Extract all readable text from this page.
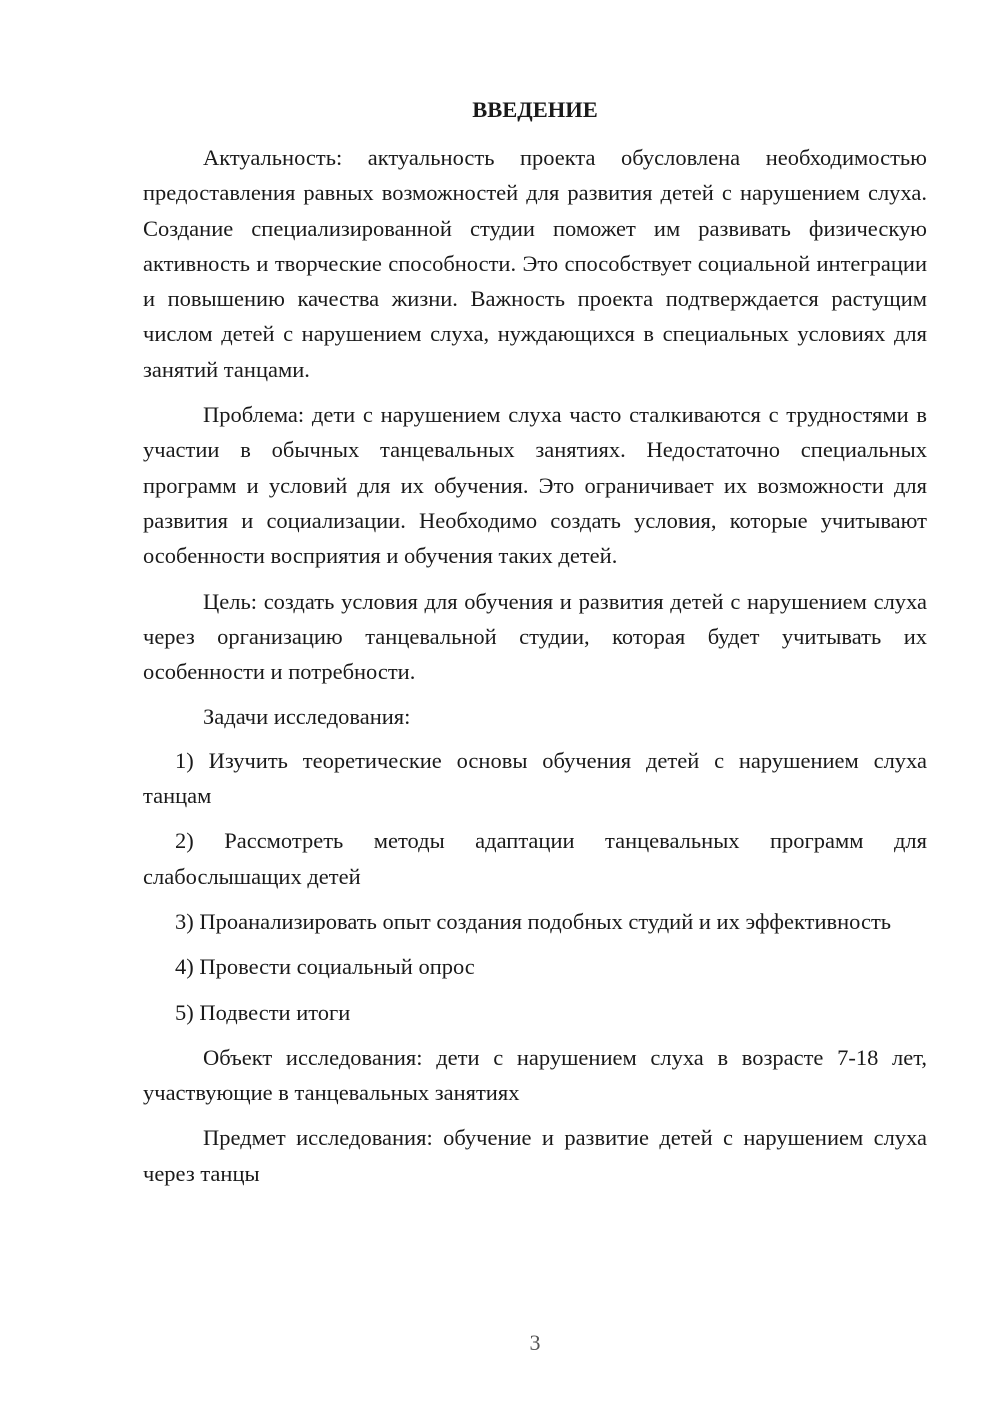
ВВЕДЕНИЕ

Актуальность: актуальность проекта обусловлена необходимостью предоставления равных возможностей для развития детей с нарушением слуха. Создание специализированной студии поможет им развивать физическую активность и творческие способности. Это способствует социальной интеграции и повышению качества жизни. Важность проекта подтверждается растущим числом детей с нарушением слуха, нуждающихся в специальных условиях для занятий танцами.

Проблема: дети с нарушением слуха часто сталкиваются с трудностями в участии в обычных танцевальных занятиях. Недостаточно специальных программ и условий для их обучения. Это ограничивает их возможности для развития и социализации. Необходимо создать условия, которые учитывают особенности восприятия и обучения таких детей.

Цель: создать условия для обучения и развития детей с нарушением слуха через организацию танцевальной студии, которая будет учитывать их особенности и потребности.

Задачи исследования:

1) Изучить теоретические основы обучения детей с нарушением слуха танцам

2) Рассмотреть методы адаптации танцевальных программ для слабослышащих детей

3) Проанализировать опыт создания подобных студий и их эффективность

4) Провести социальный опрос

5) Подвести итоги

Объект исследования: дети с нарушением слуха в возрасте 7-18 лет, участвующие в танцевальных занятиях

Предмет исследования: обучение и развитие детей с нарушением слуха через танцы

3
